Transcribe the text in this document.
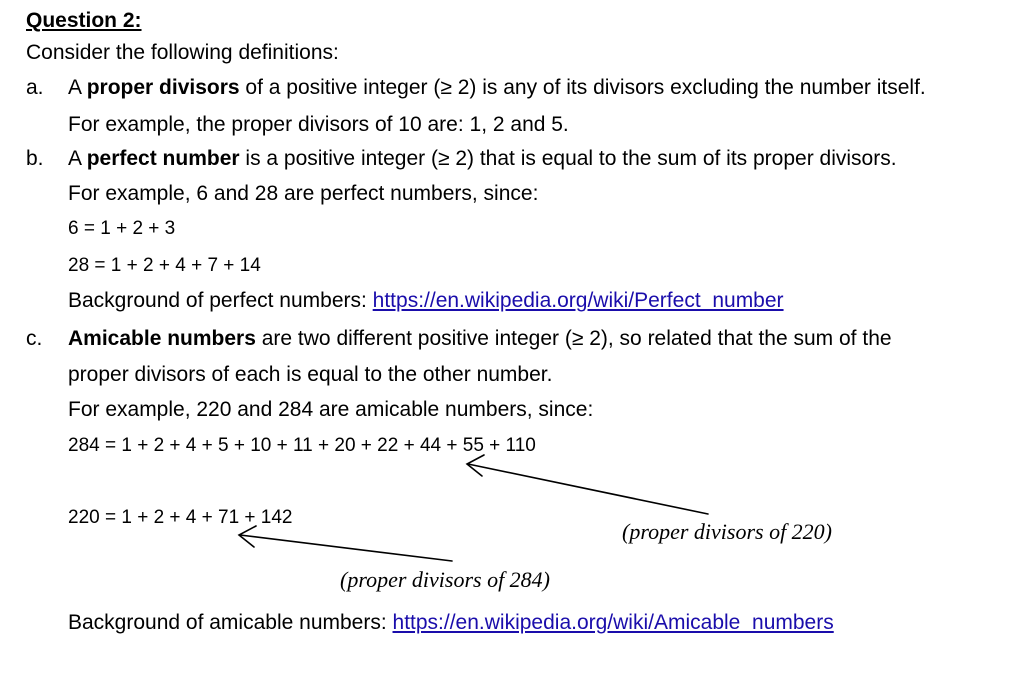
Question 2:
Consider the following definitions:
a. A proper divisors of a positive integer (≥ 2) is any of its divisors excluding the number itself.
For example, the proper divisors of 10 are: 1, 2 and 5.
b. A perfect number is a positive integer (≥ 2) that is equal to the sum of its proper divisors.
For example, 6 and 28 are perfect numbers, since:
6 = 1 + 2 + 3
28 = 1 + 2 + 4 + 7 + 14
Background of perfect numbers: https://en.wikipedia.org/wiki/Perfect_number
c. Amicable numbers are two different positive integer (≥ 2), so related that the sum of the
proper divisors of each is equal to the other number.
For example, 220 and 284 are amicable numbers, since:
284 = 1 + 2 + 4 + 5 + 10 + 11 + 20 + 22 + 44 + 55 + 110
220 = 1 + 2 + 4 + 71 + 142
(proper divisors of 220)
(proper divisors of 284)
Background of amicable numbers: https://en.wikipedia.org/wiki/Amicable_numbers
